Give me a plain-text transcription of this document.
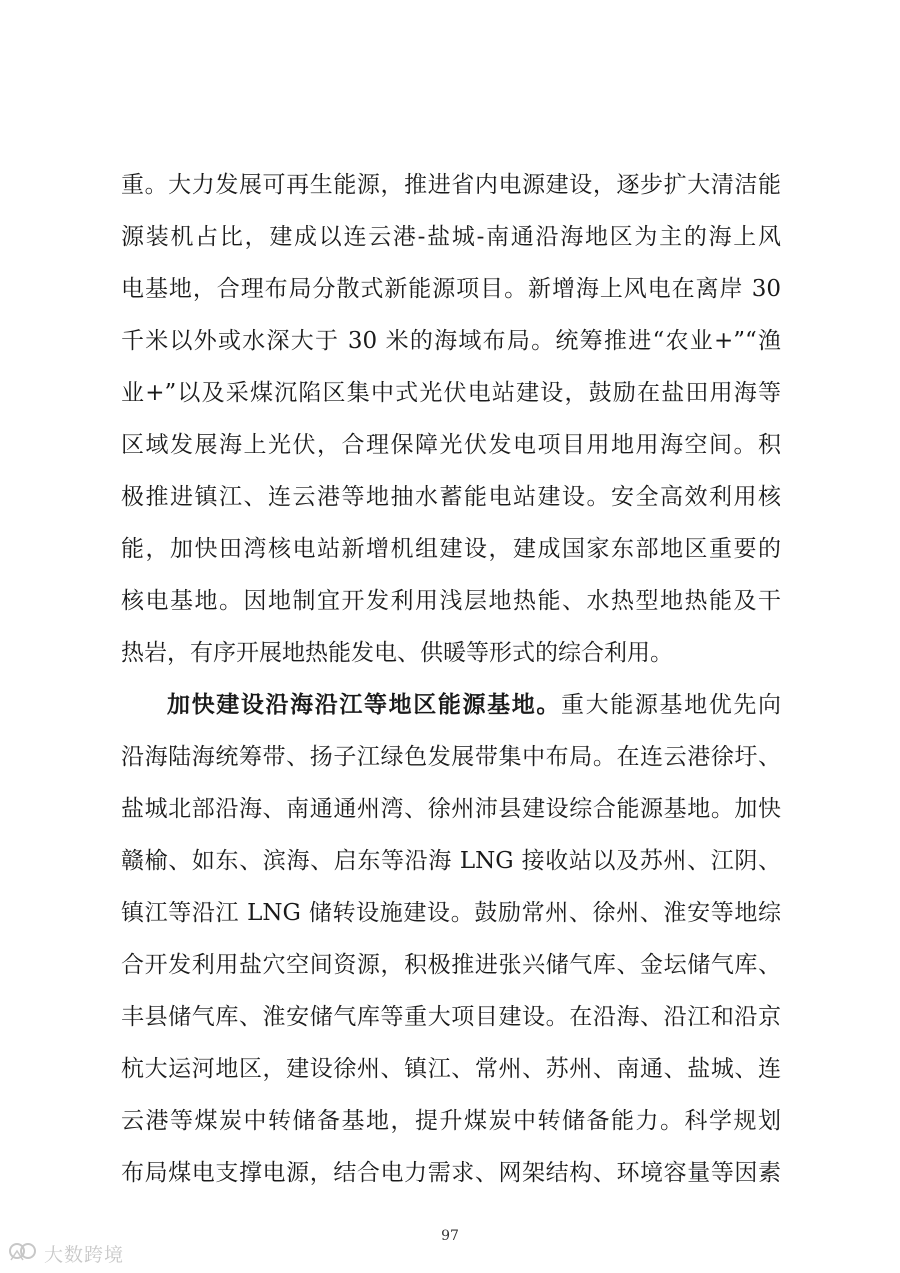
重。大力发展可再生能源，推进省内电源建设，逐步扩大清洁能
源装机占比，建成以连云港-盐城-南通沿海地区为主的海上风
电基地，合理布局分散式新能源项目。新增海上风电在离岸 30
千米以外或水深大于 30 米的海域布局。统筹推进“农业+”“渔
业+”以及采煤沉陷区集中式光伏电站建设，鼓励在盐田用海等
区域发展海上光伏，合理保障光伏发电项目用地用海空间。积
极推进镇江、连云港等地抽水蓄能电站建设。安全高效利用核
能，加快田湾核电站新增机组建设，建成国家东部地区重要的
核电基地。因地制宜开发利用浅层地热能、水热型地热能及干
热岩，有序开展地热能发电、供暖等形式的综合利用。
加快建设沿海沿江等地区能源基地。重大能源基地优先向
沿海陆海统筹带、扬子江绿色发展带集中布局。在连云港徐圩、
盐城北部沿海、南通通州湾、徐州沛县建设综合能源基地。加快
赣榆、如东、滨海、启东等沿海 LNG 接收站以及苏州、江阴、
镇江等沿江 LNG 储转设施建设。鼓励常州、徐州、淮安等地综
合开发利用盐穴空间资源，积极推进张兴储气库、金坛储气库、
丰县储气库、淮安储气库等重大项目建设。在沿海、沿江和沿京
杭大运河地区，建设徐州、镇江、常州、苏州、南通、盐城、连
云港等煤炭中转储备基地，提升煤炭中转储备能力。科学规划
布局煤电支撑电源，结合电力需求、网架结构、环境容量等因素
97
大数跨境
